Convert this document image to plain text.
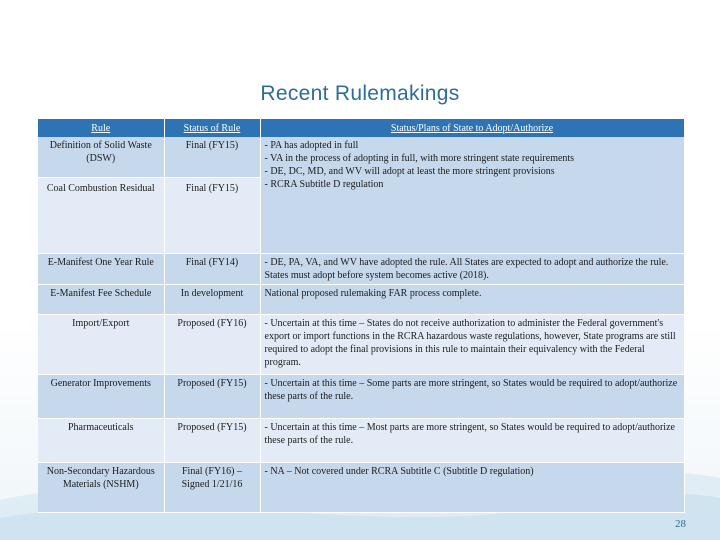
Recent Rulemakings
Rule	Status of Rule	Status/Plans of State to Adopt/Authorize
Definition of Solid Waste (DSW)	Final (FY15)	- PA has adopted in full
- VA in the process of adopting in full, with more stringent state requirements
- DE, DC, MD, and WV will adopt at least the more stringent provisions
- RCRA Subtitle D regulation

Coal Combustion Residual	Final (FY15)	
E-Manifest One Year Rule	Final (FY14)	- DE, PA, VA, and WV have adopted the rule. All States are expected to adopt and authorize the rule. States must adopt before system becomes active (2018).
E-Manifest Fee Schedule	In development	National proposed rulemaking FAR process complete.
Import/Export	Proposed (FY16)	- Uncertain at this time – States do not receive authorization to administer the Federal government's export or import functions in the RCRA hazardous waste regulations, however, State programs are still required to adopt the final provisions in this rule to maintain their equivalency with the Federal program.
Generator Improvements	Proposed (FY15)	- Uncertain at this time – Some parts are more stringent, so States would be required to adopt/authorize these parts of the rule.
Pharmaceuticals	Proposed (FY15)	- Uncertain at this time – Most parts are more stringent, so States would be required to adopt/authorize these parts of the rule.
Non-Secondary Hazardous Materials (NSHM)	Final (FY16) – Signed 1/21/16	- NA – Not covered under RCRA Subtitle C (Subtitle D regulation)
28
